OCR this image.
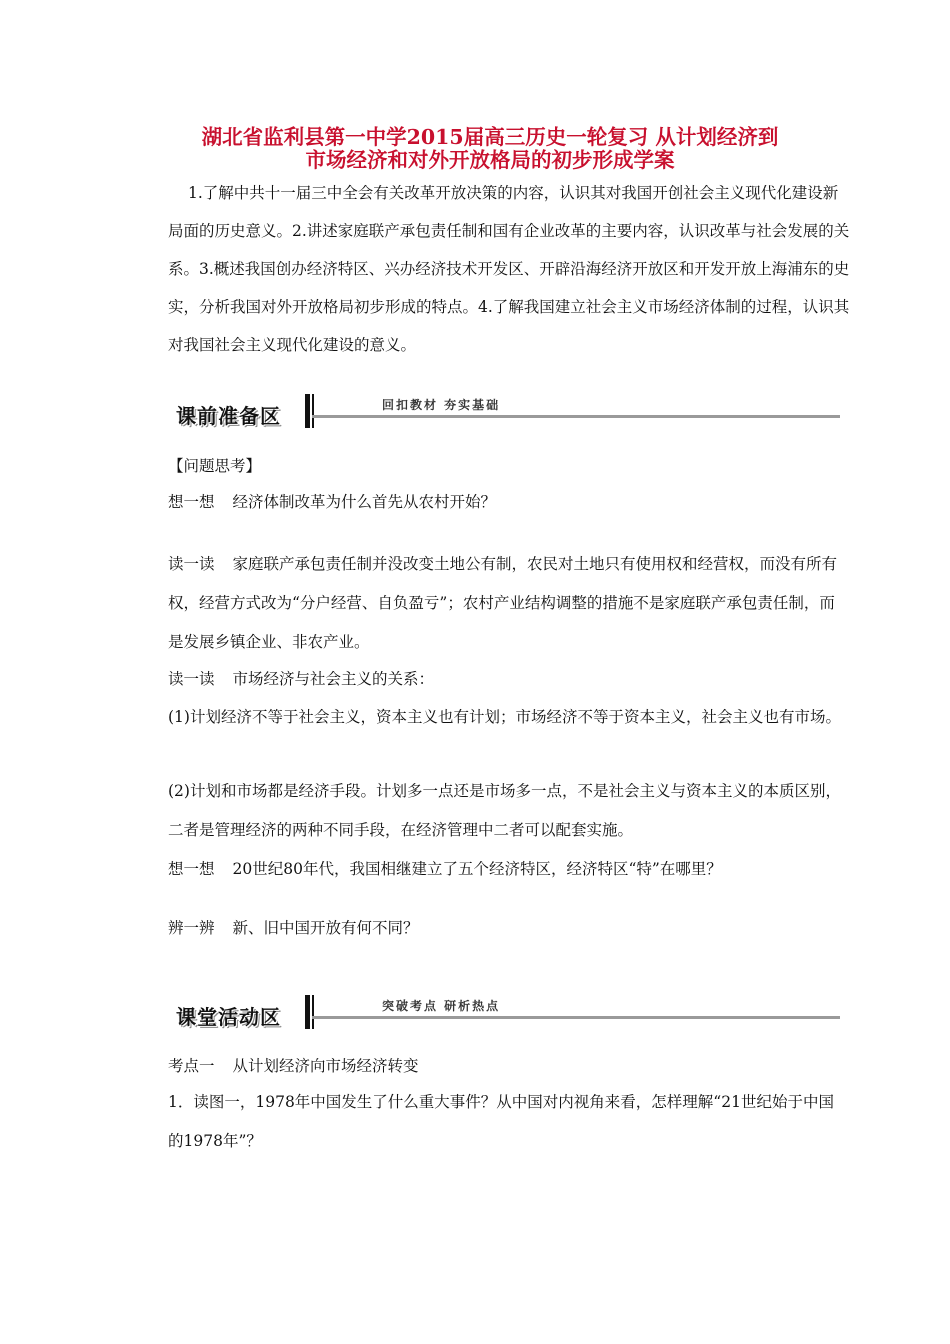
湖北省监利县第一中学2015届高三历史一轮复习 从计划经济到
市场经济和对外开放格局的初步形成学案
1.了解中共十一届三中全会有关改革开放决策的内容，认识其对我国开创社会主义现代化建设新局面的历史意义。2.讲述家庭联产承包责任制和国有企业改革的主要内容，认识改革与社会发展的关系。3.概述我国创办经济特区、兴办经济技术开发区、开辟沿海经济开放区和开发开放上海浦东的史实，分析我国对外开放格局初步形成的特点。4.了解我国建立社会主义市场经济体制的过程，认识其对我国社会主义现代化建设的意义。
课前准备区	回扣教材 夯实基础
【问题思考】
想一想 经济体制改革为什么首先从农村开始？
读一读 家庭联产承包责任制并没改变土地公有制，农民对土地只有使用权和经营权，而没有所有权，经营方式改为“分户经营、自负盈亏”；农村产业结构调整的措施不是家庭联产承包责任制，而是发展乡镇企业、非农产业。
读一读 市场经济与社会主义的关系：
(1)计划经济不等于社会主义，资本主义也有计划；市场经济不等于资本主义，社会主义也有市场。
(2)计划和市场都是经济手段。计划多一点还是市场多一点，不是社会主义与资本主义的本质区别，二者是管理经济的两种不同手段，在经济管理中二者可以配套实施。
想一想 20世纪80年代，我国相继建立了五个经济特区，经济特区“特”在哪里？
辨一辨 新、旧中国开放有何不同？
课堂活动区	突破考点 研析热点
考点一 从计划经济向市场经济转变
1．读图一，1978年中国发生了什么重大事件？从中国对内视角来看，怎样理解“21世纪始于中国的1978年”？
